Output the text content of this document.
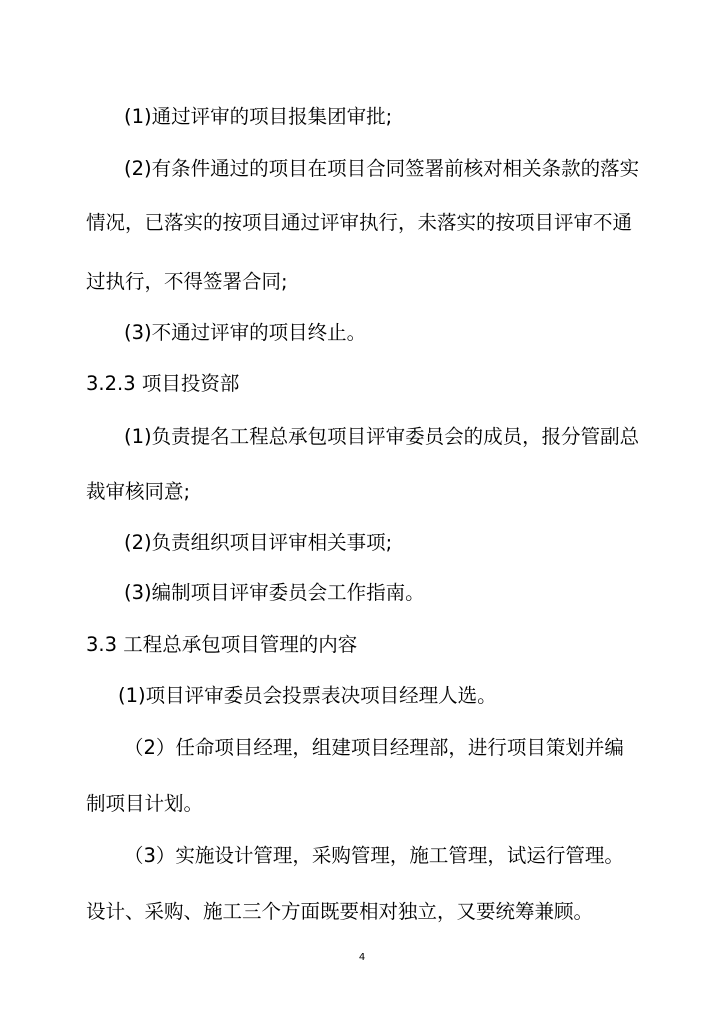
(1)通过评审的项目报集团审批;

(2)有条件通过的项目在项目合同签署前核对相关条款的落实

情况，已落实的按项目通过评审执行，未落实的按项目评审不通

过执行，不得签署合同;

(3)不通过评审的项目终止。

3.2.3 项目投资部

(1)负责提名工程总承包项目评审委员会的成员，报分管副总

裁审核同意;

(2)负责组织项目评审相关事项;

(3)编制项目评审委员会工作指南。

3.3 工程总承包项目管理的内容

(1)项目评审委员会投票表决项目经理人选。

（2）任命项目经理，组建项目经理部，进行项目策划并编

制项目计划。

（3）实施设计管理，采购管理，施工管理，试运行管理。

设计、采购、施工三个方面既要相对独立，又要统筹兼顾。

4
